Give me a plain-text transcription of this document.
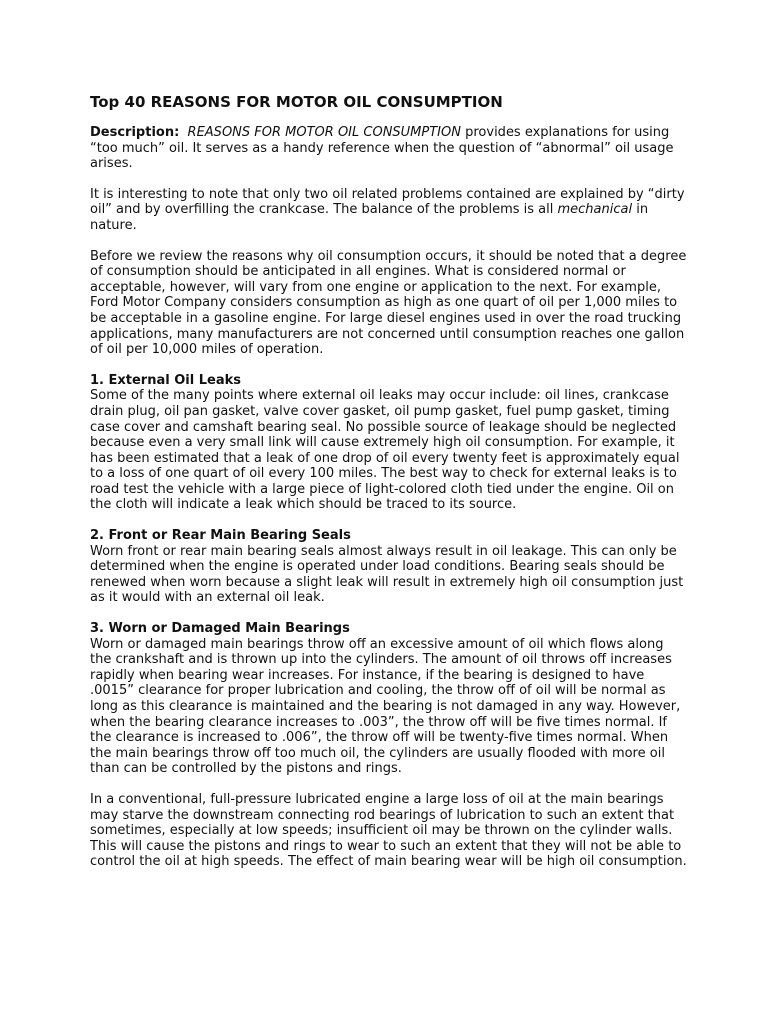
Top 40 REASONS FOR MOTOR OIL CONSUMPTION

Description: REASONS FOR MOTOR OIL CONSUMPTION provides explanations for using “too much” oil. It serves as a handy reference when the question of “abnormal” oil usage arises.

It is interesting to note that only two oil related problems contained are explained by “dirty oil” and by overfilling the crankcase. The balance of the problems is all mechanical in nature.

Before we review the reasons why oil consumption occurs, it should be noted that a degree of consumption should be anticipated in all engines. What is considered normal or acceptable, however, will vary from one engine or application to the next. For example, Ford Motor Company considers consumption as high as one quart of oil per 1,000 miles to be acceptable in a gasoline engine. For large diesel engines used in over the road trucking applications, many manufacturers are not concerned until consumption reaches one gallon of oil per 10,000 miles of operation.

1. External Oil Leaks
Some of the many points where external oil leaks may occur include: oil lines, crankcase drain plug, oil pan gasket, valve cover gasket, oil pump gasket, fuel pump gasket, timing case cover and camshaft bearing seal. No possible source of leakage should be neglected because even a very small link will cause extremely high oil consumption. For example, it has been estimated that a leak of one drop of oil every twenty feet is approximately equal to a loss of one quart of oil every 100 miles. The best way to check for external leaks is to road test the vehicle with a large piece of light-colored cloth tied under the engine. Oil on the cloth will indicate a leak which should be traced to its source.
2. Front or Rear Main Bearing Seals
Worn front or rear main bearing seals almost always result in oil leakage. This can only be determined when the engine is operated under load conditions. Bearing seals should be renewed when worn because a slight leak will result in extremely high oil consumption just as it would with an external oil leak.
3. Worn or Damaged Main Bearings
Worn or damaged main bearings throw off an excessive amount of oil which flows along the crankshaft and is thrown up into the cylinders. The amount of oil throws off increases rapidly when bearing wear increases. For instance, if the bearing is designed to have .0015” clearance for proper lubrication and cooling, the throw off of oil will be normal as long as this clearance is maintained and the bearing is not damaged in any way. However, when the bearing clearance increases to .003”, the throw off will be five times normal. If the clearance is increased to .006”, the throw off will be twenty-five times normal. When the main bearings throw off too much oil, the cylinders are usually flooded with more oil than can be controlled by the pistons and rings.

In a conventional, full-pressure lubricated engine a large loss of oil at the main bearings may starve the downstream connecting rod bearings of lubrication to such an extent that sometimes, especially at low speeds; insufficient oil may be thrown on the cylinder walls. This will cause the pistons and rings to wear to such an extent that they will not be able to control the oil at high speeds. The effect of main bearing wear will be high oil consumption.
